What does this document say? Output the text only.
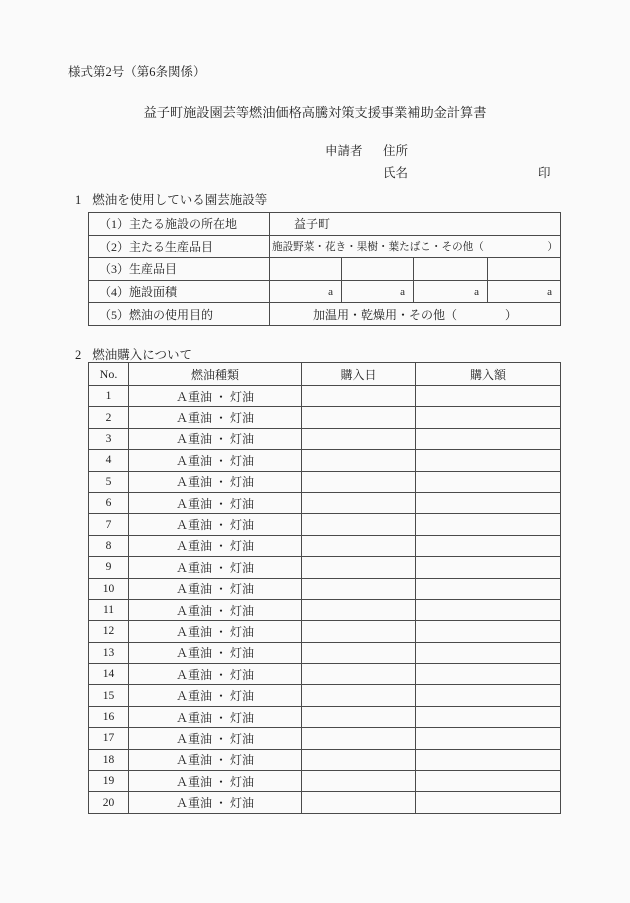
様式第2号（第6条関係）
益子町施設園芸等燃油価格高騰対策支援事業補助金計算書
申請者 住所
氏名	印
1 燃油を使用している園芸施設等
（1）主たる施設の所在地	益子町			
（2）主たる生産品目	施設野菜・花き・果樹・葉たばこ・その他（　　　　　　）			
（3）生産品目				
（4）施設面積	a	a	a	a
（5）燃油の使用目的	加温用・乾燥用・その他（　　　　）			
2 燃油購入について
No.	燃油種類	購入日	購入額
1	Ａ重油 ・ 灯油		
2	Ａ重油 ・ 灯油		
3	Ａ重油 ・ 灯油		
4	Ａ重油 ・ 灯油		
5	Ａ重油 ・ 灯油		
6	Ａ重油 ・ 灯油		
7	Ａ重油 ・ 灯油		
8	Ａ重油 ・ 灯油		
9	Ａ重油 ・ 灯油		
10	Ａ重油 ・ 灯油		
11	Ａ重油 ・ 灯油		
12	Ａ重油 ・ 灯油		
13	Ａ重油 ・ 灯油		
14	Ａ重油 ・ 灯油		
15	Ａ重油 ・ 灯油		
16	Ａ重油 ・ 灯油		
17	Ａ重油 ・ 灯油		
18	Ａ重油 ・ 灯油		
19	Ａ重油 ・ 灯油		
20	Ａ重油 ・ 灯油		
